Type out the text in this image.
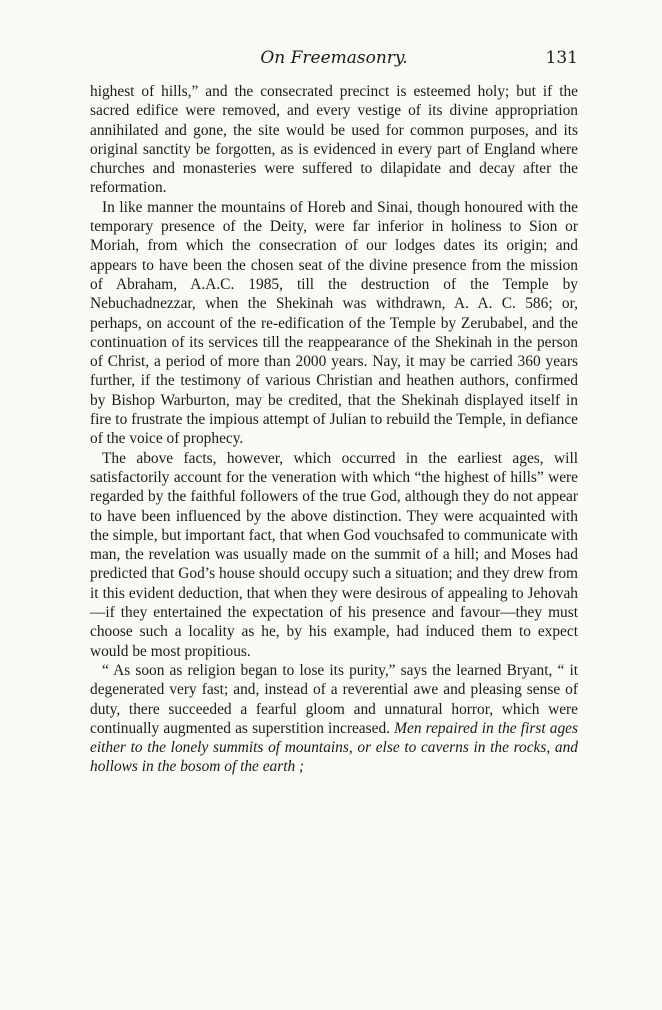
On Freemasonry.	131

highest of hills,” and the consecrated precinct is esteemed holy; but if the sacred edifice were removed, and every vestige of its divine appropriation annihilated and gone, the site would be used for common purposes, and its original sanctity be forgotten, as is evidenced in every part of England where churches and monasteries were suffered to dilapidate and decay after the reformation.

In like manner the mountains of Horeb and Sinai, though honoured with the temporary presence of the Deity, were far inferior in holiness to Sion or Moriah, from which the consecration of our lodges dates its origin; and appears to have been the chosen seat of the divine presence from the mission of Abraham, A.A.C. 1985, till the destruction of the Temple by Nebuchadnezzar, when the Shekinah was withdrawn, A. A. C. 586; or, perhaps, on account of the re-edification of the Temple by Zerubabel, and the continuation of its services till the reappearance of the Shekinah in the person of Christ, a period of more than 2000 years. Nay, it may be carried 360 years further, if the testimony of various Christian and heathen authors, confirmed by Bishop Warburton, may be credited, that the Shekinah displayed itself in fire to frustrate the impious attempt of Julian to rebuild the Temple, in defiance of the voice of prophecy.

The above facts, however, which occurred in the earliest ages, will satisfactorily account for the veneration with which “the highest of hills” were regarded by the faithful followers of the true God, although they do not appear to have been influenced by the above distinction. They were acquainted with the simple, but important fact, that when God vouchsafed to communicate with man, the revelation was usually made on the summit of a hill; and Moses had predicted that God’s house should occupy such a situation; and they drew from it this evident deduction, that when they were desirous of appealing to Jehovah—if they entertained the expectation of his presence and favour—they must choose such a locality as he, by his example, had induced them to expect would be most propitious.

“ As soon as religion began to lose its purity,” says the learned Bryant, “ it degenerated very fast; and, instead of a reverential awe and pleasing sense of duty, there succeeded a fearful gloom and unnatural horror, which were continually augmented as superstition increased. Men repaired in the first ages either to the lonely summits of mountains, or else to caverns in the rocks, and hollows in the bosom of the earth ;
